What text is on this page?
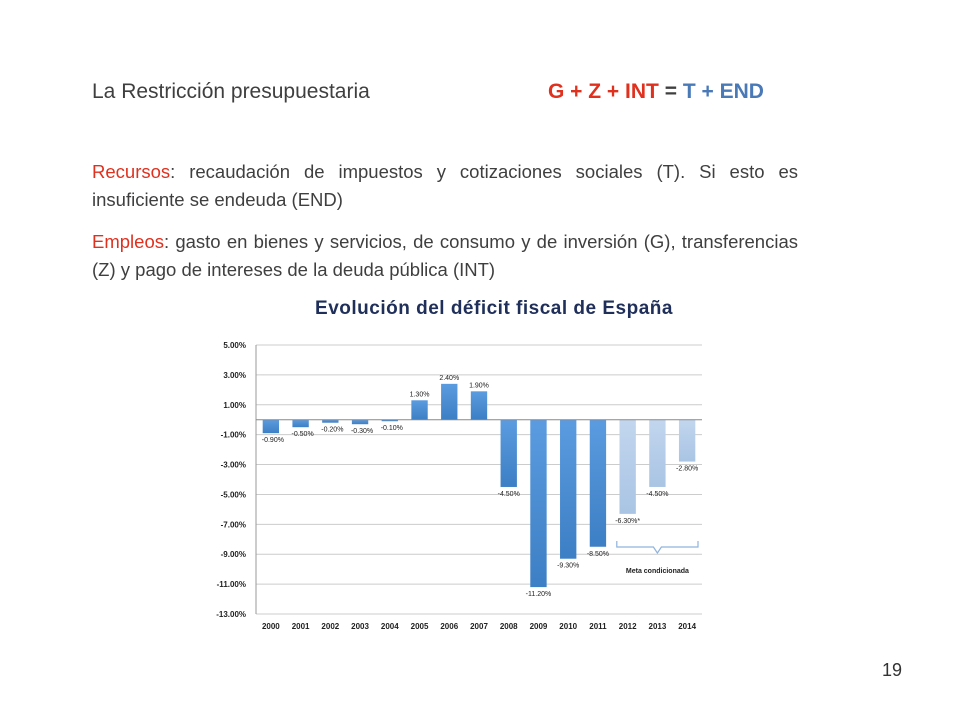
La Restricción presupuestaria	G + Z + INT = T + END
Recursos: recaudación de impuestos y cotizaciones sociales (T). Si esto es insuficiente se endeuda (END)
Empleos: gasto en bienes y servicios, de consumo y de inversión (G), transferencias (Z) y pago de intereses de la deuda pública (INT)
Evolución del déficit fiscal de España
5.00%
3.00%
1.00%
-1.00%
-3.00%
-5.00%
-7.00%
-9.00%
-11.00%
-13.00%
-0.90%
2000
-0.50%
2001
-0.20%
2002
-0.30%
2003
-0.10%
2004
1.30%
2005
2.40%
2006
1.90%
2007
-4.50%
2008
-11.20%
2009
-9.30%
2010
-8.50%
2011
-6.30%*
2012
-4.50%
2013
-2.80%
2014
Meta condicionada
19
